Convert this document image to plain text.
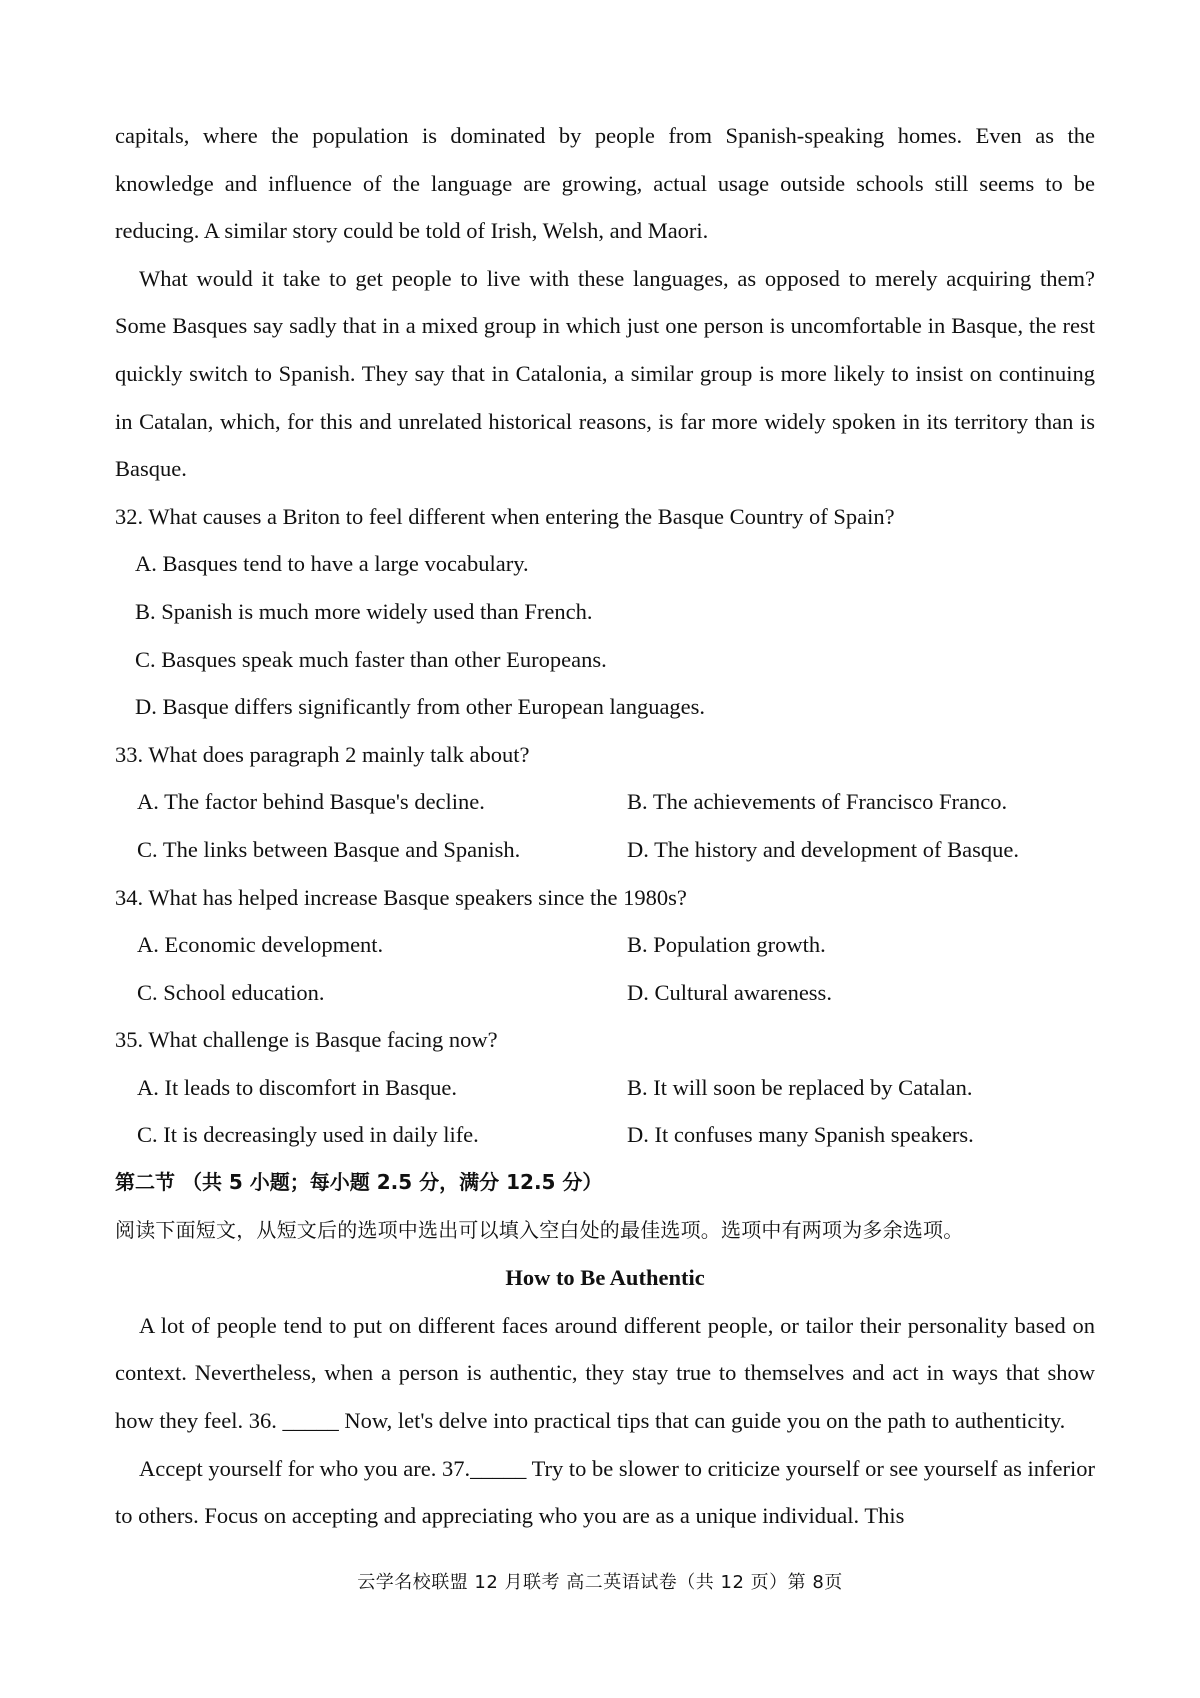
capitals, where the population is dominated by people from Spanish-speaking homes. Even as the knowledge and influence of the language are growing, actual usage outside schools still seems to be reducing. A similar story could be told of Irish, Welsh, and Maori.

What would it take to get people to live with these languages, as opposed to merely acquiring them? Some Basques say sadly that in a mixed group in which just one person is uncomfortable in Basque, the rest quickly switch to Spanish. They say that in Catalonia, a similar group is more likely to insist on continuing in Catalan, which, for this and unrelated historical reasons, is far more widely spoken in its territory than is Basque.

32. What causes a Briton to feel different when entering the Basque Country of Spain?
A. Basques tend to have a large vocabulary.
B. Spanish is much more widely used than French.
C. Basques speak much faster than other Europeans.
D. Basque differs significantly from other European languages.
33. What does paragraph 2 mainly talk about?
A. The factor behind Basque's decline.	B. The achievements of Francisco Franco.
C. The links between Basque and Spanish.	D. The history and development of Basque.
34. What has helped increase Basque speakers since the 1980s?
A. Economic development.	B. Population growth.
C. School education.	D. Cultural awareness.
35. What challenge is Basque facing now?
A. It leads to discomfort in Basque.	B. It will soon be replaced by Catalan.
C. It is decreasingly used in daily life.	D. It confuses many Spanish speakers.
第二节 （共 5 小题；每小题 2.5 分，满分 12.5 分）
阅读下面短文，从短文后的选项中选出可以填入空白处的最佳选项。选项中有两项为多余选项。
How to Be Authentic

A lot of people tend to put on different faces around different people, or tailor their personality based on context. Nevertheless, when a person is authentic, they stay true to themselves and act in ways that show how they feel. 36. _____ Now, let's delve into practical tips that can guide you on the path to authenticity.

Accept yourself for who you are. 37._____ Try to be slower to criticize yourself or see yourself as inferior to others. Focus on accepting and appreciating who you are as a unique individual. This

云学名校联盟 12 月联考 高二英语试卷（共 12 页）第 8页
